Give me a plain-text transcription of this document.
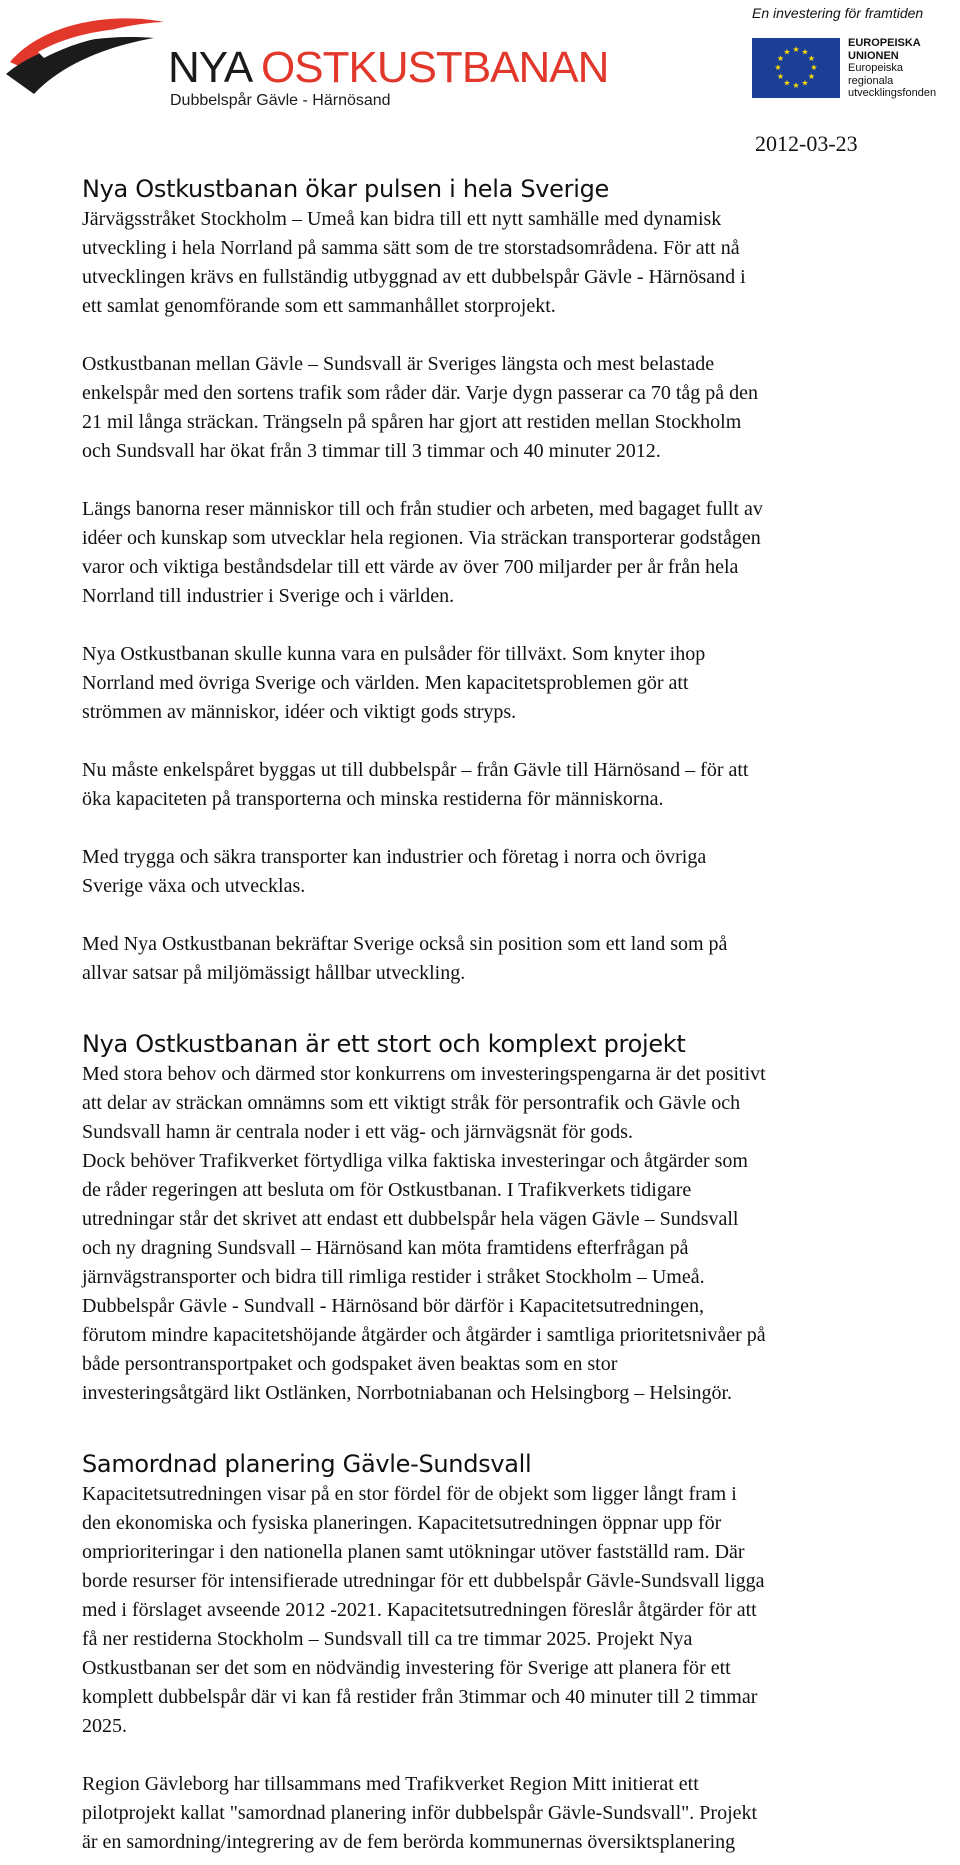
NYA OSTKUSTBANAN
Dubbelspår Gävle - Härnösand
En investering för framtiden
★ ★
★
★
★
★
★
★
★
★
★
★
EUROPEISKA
UNIONEN
Europeiska
regionala
utvecklingsfonden
2012-03-23
Nya Ostkustbanan ökar pulsen i hela Sverige

Järvägsstråket Stockholm – Umeå kan bidra till ett nytt samhälle med dynamisk
utveckling i hela Norrland på samma sätt som de tre storstadsområdena. För att nå
utvecklingen krävs en fullständig utbyggnad av ett dubbelspår Gävle - Härnösand i
ett samlat genomförande som ett sammanhållet storprojekt.

Ostkustbanan mellan Gävle – Sundsvall är Sveriges längsta och mest belastade
enkelspår med den sortens trafik som råder där. Varje dygn passerar ca 70 tåg på den
21 mil långa sträckan. Trängseln på spåren har gjort att restiden mellan Stockholm
och Sundsvall har ökat från 3 timmar till 3 timmar och 40 minuter 2012.

Längs banorna reser människor till och från studier och arbeten, med bagaget fullt av
idéer och kunskap som utvecklar hela regionen. Via sträckan transporterar godstågen
varor och viktiga beståndsdelar till ett värde av över 700 miljarder per år från hela
Norrland till industrier i Sverige och i världen.

Nya Ostkustbanan skulle kunna vara en pulsåder för tillväxt. Som knyter ihop
Norrland med övriga Sverige och världen. Men kapacitetsproblemen gör att
strömmen av människor, idéer och viktigt gods stryps.

Nu måste enkelspåret byggas ut till dubbelspår – från Gävle till Härnösand – för att
öka kapaciteten på transporterna och minska restiderna för människorna.

Med trygga och säkra transporter kan industrier och företag i norra och övriga
Sverige växa och utvecklas.

Med Nya Ostkustbanan bekräftar Sverige också sin position som ett land som på
allvar satsar på miljömässigt hållbar utveckling.

Nya Ostkustbanan är ett stort och komplext projekt

Med stora behov och därmed stor konkurrens om investeringspengarna är det positivt
att delar av sträckan omnämns som ett viktigt stråk för persontrafik och Gävle och
Sundsvall hamn är centrala noder i ett väg- och järnvägsnät för gods.
Dock behöver Trafikverket förtydliga vilka faktiska investeringar och åtgärder som
de råder regeringen att besluta om för Ostkustbanan. I Trafikverkets tidigare
utredningar står det skrivet att endast ett dubbelspår hela vägen Gävle – Sundsvall
och ny dragning Sundsvall – Härnösand kan möta framtidens efterfrågan på
järnvägstransporter och bidra till rimliga restider i stråket Stockholm – Umeå.
Dubbelspår Gävle - Sundvall - Härnösand bör därför i Kapacitetsutredningen,
förutom mindre kapacitetshöjande åtgärder och åtgärder i samtliga prioritetsnivåer på
både persontransportpaket och godspaket även beaktas som en stor
investeringsåtgärd likt Ostlänken, Norrbotniabanan och Helsingborg – Helsingör.

Samordnad planering Gävle-Sundsvall

Kapacitetsutredningen visar på en stor fördel för de objekt som ligger långt fram i
den ekonomiska och fysiska planeringen. Kapacitetsutredningen öppnar upp för
omprioriteringar i den nationella planen samt utökningar utöver fastställd ram. Där
borde resurser för intensifierade utredningar för ett dubbelspår Gävle-Sundsvall ligga
med i förslaget avseende 2012 -2021. Kapacitetsutredningen föreslår åtgärder för att
få ner restiderna Stockholm – Sundsvall till ca tre timmar 2025. Projekt Nya
Ostkustbanan ser det som en nödvändig investering för Sverige att planera för ett
komplett dubbelspår där vi kan få restider från 3timmar och 40 minuter till 2 timmar
2025.

Region Gävleborg har tillsammans med Trafikverket Region Mitt initierat ett
pilotprojekt kallat "samordnad planering inför dubbelspår Gävle-Sundsvall". Projekt
är en samordning/integrering av de fem berörda kommunernas översiktsplanering
